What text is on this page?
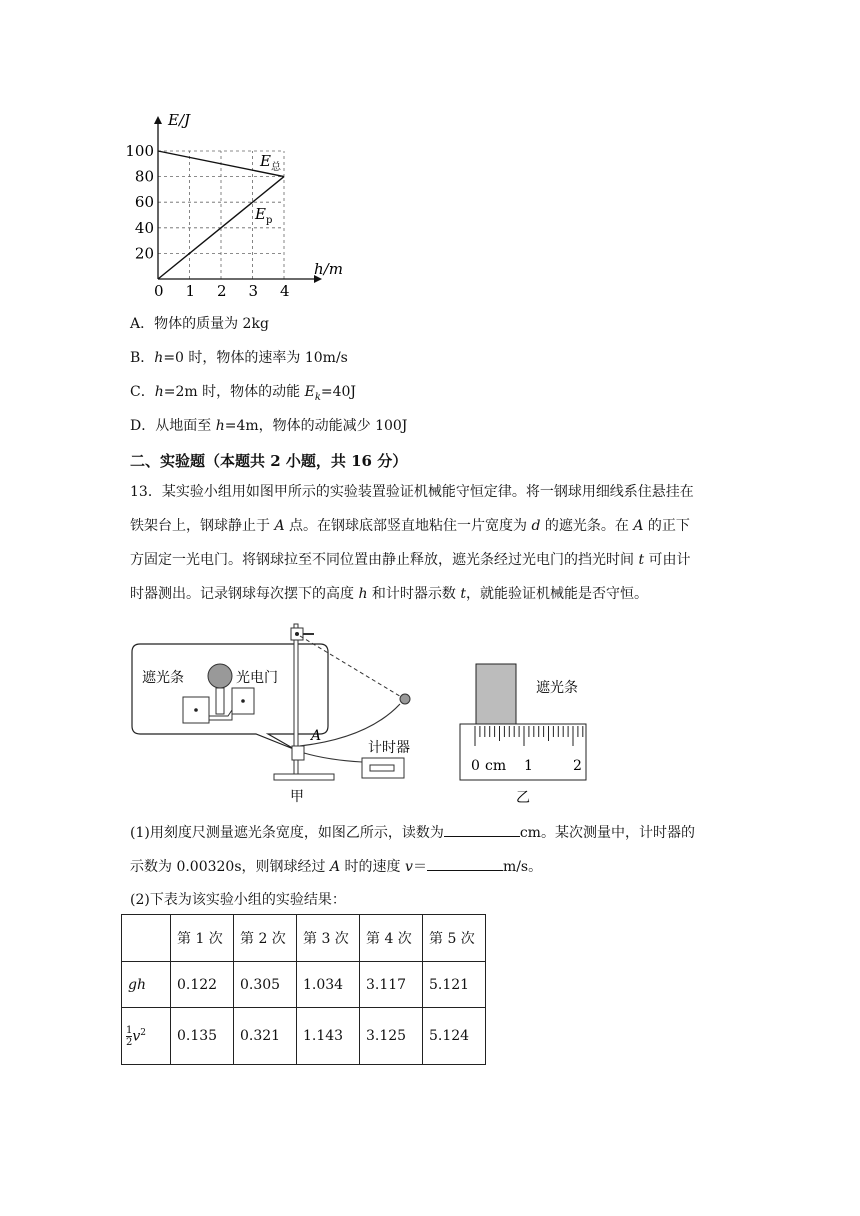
0 1 2 3 4
20
40
60
80
100
E/J
h/m
$E_总$
$E_p$
A．物体的质量为 2kg
B．h=0 时，物体的速率为 10m/s
C．h=2m 时，物体的动能 $E_k=40J$
D．从地面至 h=4m，物体的动能减少 100J
二、实验题（本题共 2 小题，共 16 分）
13．某实验小组用如图甲所示的实验装置验证机械能守恒定律。将一钢球用细线系住悬挂在
铁架台上，钢球静止于 A 点。在钢球底部竖直地粘住一片宽度为 d 的遮光条。在 A 的正下
方固定一光电门。将钢球拉至不同位置由静止释放，遮光条经过光电门的挡光时间 t 可由计
时器测出。记录钢球每次摆下的高度 h 和计时器示数 t，就能验证机械能是否守恒。
遮光条	光电门
A
计时器
甲
遮光条
0 cm 1	2
乙
(1)用刻度尺测量遮光条宽度，如图乙所示，读数为	cm。某次测量中，计时器的
示数为 0.00320s，则钢球经过 A 时的速度 v＝	m/s。
(2)下表为该实验小组的实验结果：
	第 1 次	第 2 次	第 3 次	第 4 次	第 5 次
gh	0.122	0.305	1.034	3.117	5.121

$\frac{1}{2} v^2$	0.135	0.321	1.143	3.125	5.124
